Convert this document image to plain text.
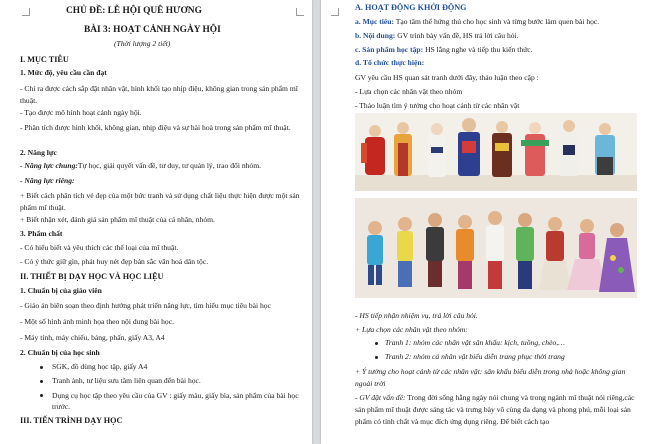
CHỦ ĐỀ: LỄ HỘI QUÊ HƯƠNG
BÀI 3: HOẠT CẢNH NGÀY HỘI
(Thời lượng 2 tiết)
I. MỤC TIÊU
1. Mức độ, yêu cầu cần đạt
- Chỉ ra được cách sắp đặt nhân vật, hình khối tạo nhịp điệu, không gian trong sản phẩm mĩ thuật.
- Tạo được mô hình hoạt cảnh ngày hội.
- Phân tích được hình khối, không gian, nhịp điệu và sự hài hoà trong sản phẩm mĩ thuật.
2. Năng lực
- Năng lực chung:Tự học, giải quyết vấn đề, tư duy, tư quản lý, trao đổi nhóm.
- Năng lực riêng:
+ Biết cách phân tích vẻ đẹp của một bức tranh và sử dụng chất liệu thực hiện được một sản phẩm mĩ thuật.
+ Biết nhận xét, đánh giá sản phẩm mĩ thuật của cá nhân, nhóm.
3. Phẩm chất
- Có hiểu biết và yêu thích các thể loại của mĩ thuật.
- Có ý thức giữ gìn, phát huy nét đẹp bản sắc văn hoá dân tộc.
II. THIẾT BỊ DẠY HỌC VÀ HỌC LIỆU
1. Chuẩn bị của giáo viên
- Giáo án biên soạn theo định hướng phát triển năng lực, tìm hiểu mục tiêu bài học
- Một số hình ảnh minh họa theo nội dung bài học.
- Máy tính, máy chiếu, bảng, phấn, giấy A3, A4
2. Chuẩn bị của học sinh
SGK, đồ dùng học tập, giấy A4
Tranh ảnh, tư liệu sưu tầm liên quan đến bài học.
Dụng cụ học tập theo yêu cầu của GV : giấy màu, giấy bìa, sản phẩm của bài học trước.
III. TIẾN TRÌNH DẠY HỌC
A. HOẠT ĐỘNG KHỞI ĐỘNG
a. Mục tiêu: Tạo tâm thế hứng thú cho học sinh và từng bước làm quen bài học.
b. Nội dung: GV trình bày vấn đề, HS trả lời câu hỏi.
c. Sản phẩm học tập: HS lắng nghe và tiếp thu kiến thức.
d. Tổ chức thực hiện:
GV yêu cầu HS quan sát tranh dưới đây, thảo luận theo cặp :
- Lựa chọn các nhân vật theo nhóm
- Thảo luận tìm ý tưởng cho hoạt cảnh từ các nhân vật
- HS tiếp nhận nhiệm vụ, trả lời câu hỏi.
+ Lựa chọn các nhân vật theo nhóm:
Tranh 1: nhóm các nhân vật sân khấu: kịch, tuồng, chèo,…
Tranh 2: nhóm cá nhân vật biểu diễn trang phục thời trang
+ Ý tưởng cho hoạt cảnh từ các nhân vật: sân khấu biểu diễn trong nhà hoặc không gian ngoài trời
- GV đặt vấn đề: Trong đời sống hằng ngày nói chung và trong ngành mĩ thuật nói riêng,các sản phẩm mĩ thuật được sáng tác và trưng bày vô cùng đa dạng và phong phú, mỗi loại sản phẩm có tính chất và mục đích ứng dụng riêng. Để biết cách tạo
